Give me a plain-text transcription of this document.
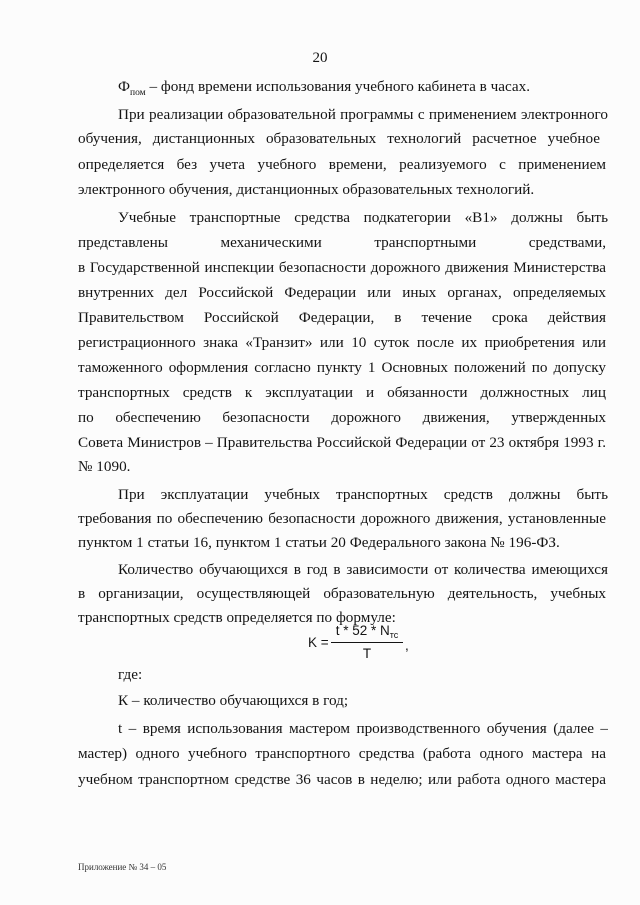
20
$Ф_{пом}$ – фонд времени использования учебного кабинета в часах.
При реализации образовательной программы с применением электронного
обучения, дистанционных образовательных технологий расчетное учебное
определяется без учета учебного времени, реализуемого с применением
электронного обучения, дистанционных образовательных технологий.
Учебные транспортные средства подкатегории «В1» должны быть
представлены механическими транспортными средствами,
в Государственной инспекции безопасности дорожного движения Министерства
внутренних дел Российской Федерации или иных органах, определяемых
Правительством Российской Федерации, в течение срока действия
регистрационного знака «Транзит» или 10 суток после их приобретения или
таможенного оформления согласно пункту 1 Основных положений по допуску
транспортных средств к эксплуатации и обязанности должностных лиц
по обеспечению безопасности дорожного движения, утвержденных
Совета Министров – Правительства Российской Федерации от 23 октября 1993 г.
№ 1090.
При эксплуатации учебных транспортных средств должны быть
требования по обеспечению безопасности дорожного движения, установленные
пунктом 1 статьи 16, пунктом 1 статьи 20 Федерального закона № 196-ФЗ.
Количество обучающихся в год в зависимости от количества имеющихся
в организации, осуществляющей образовательную деятельность, учебных
транспортных средств определяется по формуле:
K =
t * $52 * N_{тс}$
T
,
где:
К – количество обучающихся в год;
t – время использования мастером производственного обучения (далее –
мастер) одного учебного транспортного средства (работа одного мастера на
учебном транспортном средстве 36 часов в неделю; или работа одного мастера
Приложение № 34 – 05
